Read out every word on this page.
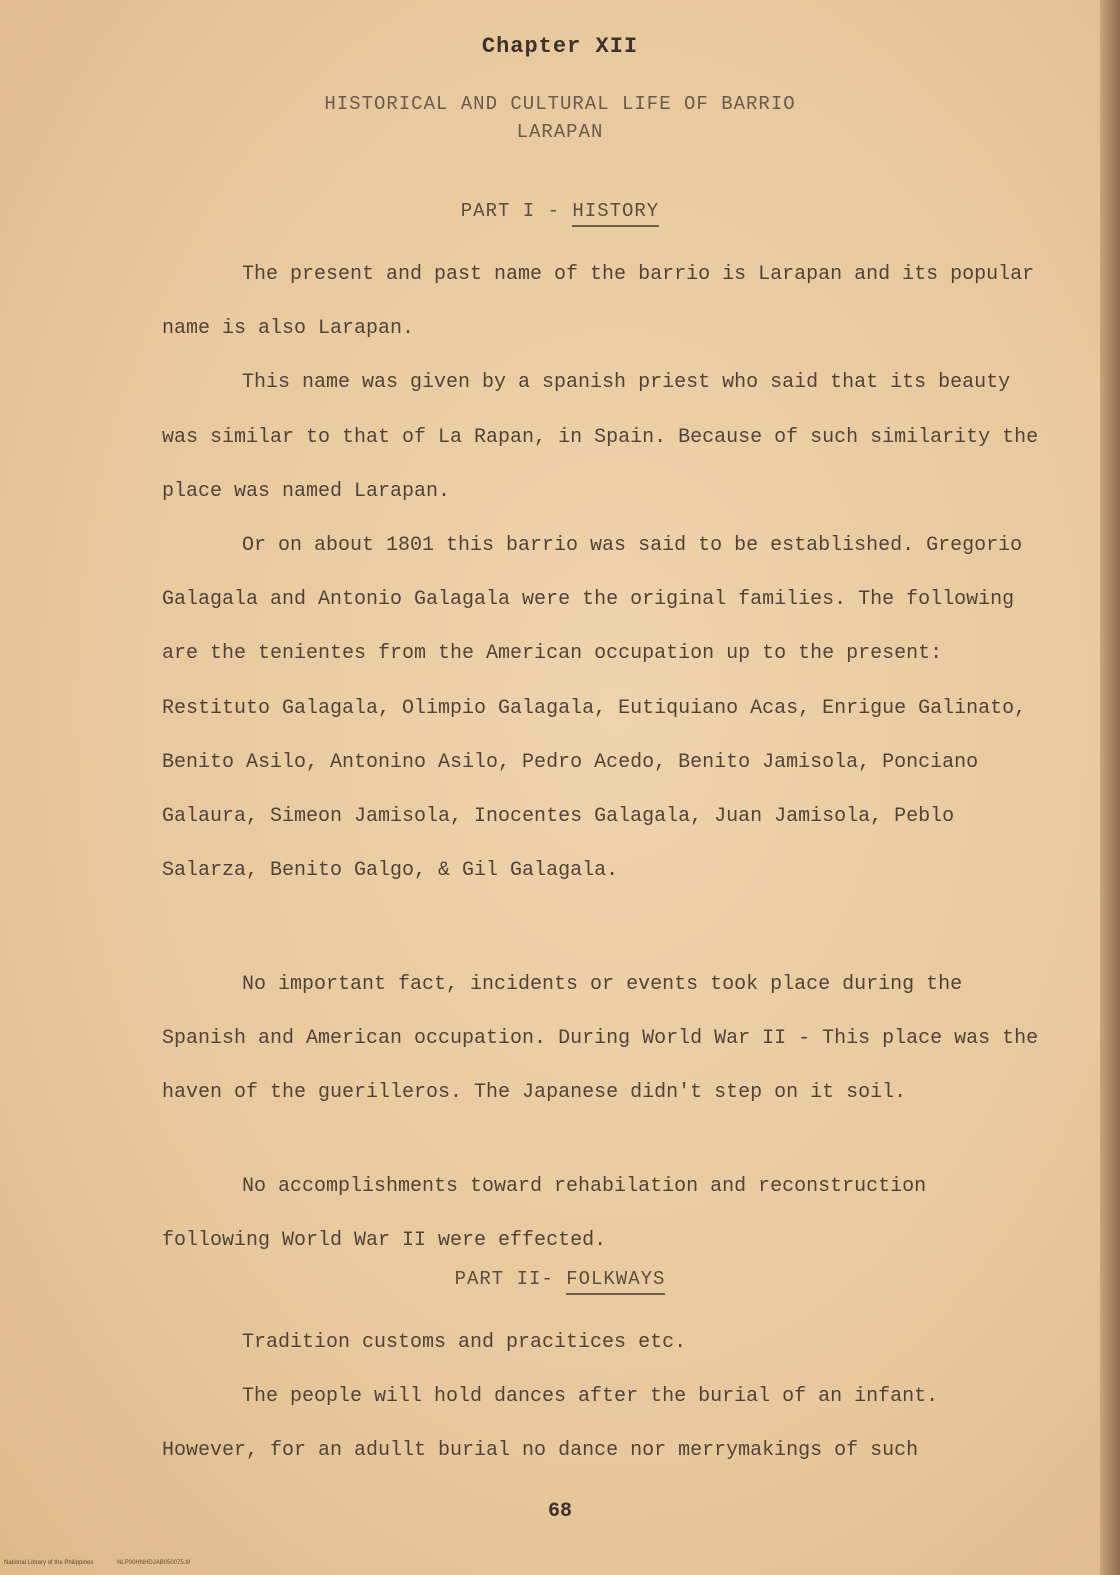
Chapter XII
HISTORICAL AND CULTURAL LIFE OF BARRIO
LARAPAN
PART I - HISTORY

The present and past name of the barrio is Larapan and its popular name is also Larapan.

This name was given by a spanish priest who said that its beauty was similar to that of La Rapan, in Spain. Because of such similarity the place was named Larapan.

Or on about 1801 this barrio was said to be established. Gregorio Galagala and Antonio Galagala were the original families. The following are the tenientes from the American occupation up to the present: Restituto Galagala, Olimpio Galagala, Eutiquiano Acas, Enrigue Galinato, Benito Asilo, Antonino Asilo, Pedro Acedo, Benito Jamisola, Ponciano Galaura, Simeon Jamisola, Inocentes Galagala, Juan Jamisola, Peblo Salarza, Benito Galgo, & Gil Galagala.

No important fact, incidents or events took place during the Spanish and American occupation. During World War II - This place was the haven of the guerilleros. The Japanese didn't step on it soil.

No accomplishments toward rehabilation and reconstruction following World War II were effected.

PART II- FOLKWAYS

Tradition customs and pracitices etc.

The people will hold dances after the burial of an infant. However, for an adullt burial no dance nor merrymakings of such

68
National Library of the Philippines	NLP00HNHDJAB050075.tif
